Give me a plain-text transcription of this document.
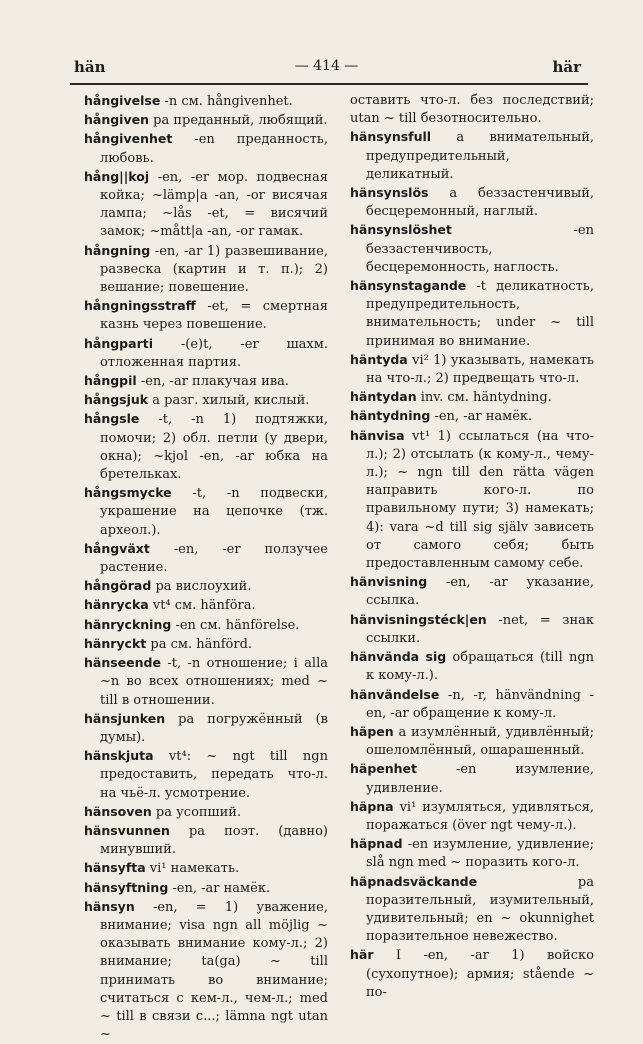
hän	— 414 —	här

hångivelse -n см. hångivenhet.

hångiven pa преданный, любящий.

hångivenhet -en преданность, любовь.

hång||koj -en, -er мор. подвесная койка; ~lämp|a -an, -or висячая лампа; ~lås -et, = висячий замок; ~mått|a -an, -or гамак.

hångning -en, -ar 1) развешивание, развеска (картин и т. п.); 2) вешание; повешение.

hångningsstraff -et, = смертная казнь через повешение.

hångparti -(e)t, -er шахм. отложенная партия.

hångpil -en, -ar плакучая ива.

hångsjuk a разг. хилый, кислый.

hångsle -t, -n 1) подтяжки, помочи; 2) обл. петли (у двери, окна); ~kjol -en, -ar юбка на бретельках.

hångsmycke -t, -n подвески, украшение на цепочке (тж. археол.).

hångväxt -en, -er ползучее растение.

hångörad pa вислоухий.

hänrycka vt⁴ см. hänföra.

hänryckning -en см. hänförelse.

hänryckt pa см. hänförd.

hänseende -t, -n отношение; i alla ~n во всех отношениях; med ~ till в отношении.

hänsjunken pa погружённый (в думы).

hänskjuta vt⁴: ~ ngt till ngn предоставить, передать что-л. на чьё-л. усмотрение.

hänsoven pa усопший.

hänsvunnen pa поэт. (давно) минувший.

hänsyfta vi¹ намекать.

hänsyftning -en, -ar намёк.

hänsyn -en, = 1) уважение, внимание; visa ngn all möjlig ~ оказывать внимание кому-л.; 2) внимание; ta(ga) ~ till принимать во внимание; считаться с кем-л., чем-л.; med ~ till в связи с...; lämna ngt utan ~

оставить что-л. без последствий; utan ~ till безотносительно.

hänsynsfull a внимательный, предупредительный, деликатный.

hänsynslös a беззастенчивый, бесцеремонный, наглый.

hänsynslöshet -en беззастенчивость, бесцеремонность, наглость.

hänsynstagande -t деликатность, предупредительность, внимательность; under ~ till принимая во внимание.

häntyda vi² 1) указывать, намекать на что-л.; 2) предвещать что-л.

häntydan inv. см. häntydning.

häntydning -en, -ar намёк.

hänvisa vt¹ 1) ссылаться (на что-л.); 2) отсылать (к кому-л., чему-л.); ~ ngn till den rätta vägen направить кого-л. по правильному пути; 3) намекать; 4): vara ~d till sig själv зависеть от самого себя; быть предоставленным самому себе.

hänvisning -en, -ar указание, ссылка.

hänvisningstéck|en -net, = знак ссылки.

hänvända sig обращаться (till ngn к кому-л.).

hänvändelse -n, -r, hänvändning -en, -ar обращение к кому-л.

häpen a изумлённый, удивлённый; ошеломлённый, ошарашенный.

häpenhet -en изумление, удивление.

häpna vi¹ изумляться, удивляться, поражаться (över ngt чему-л.).

häpnad -en изумление, удивление; slå ngn med ~ поразить кого-л.

häpnadsväckande pa поразительный, изумительный, удивительный; en ~ okunnighet поразительное невежество.

här I -en, -ar 1) войско (сухопутное); армия; stående ~ по-
